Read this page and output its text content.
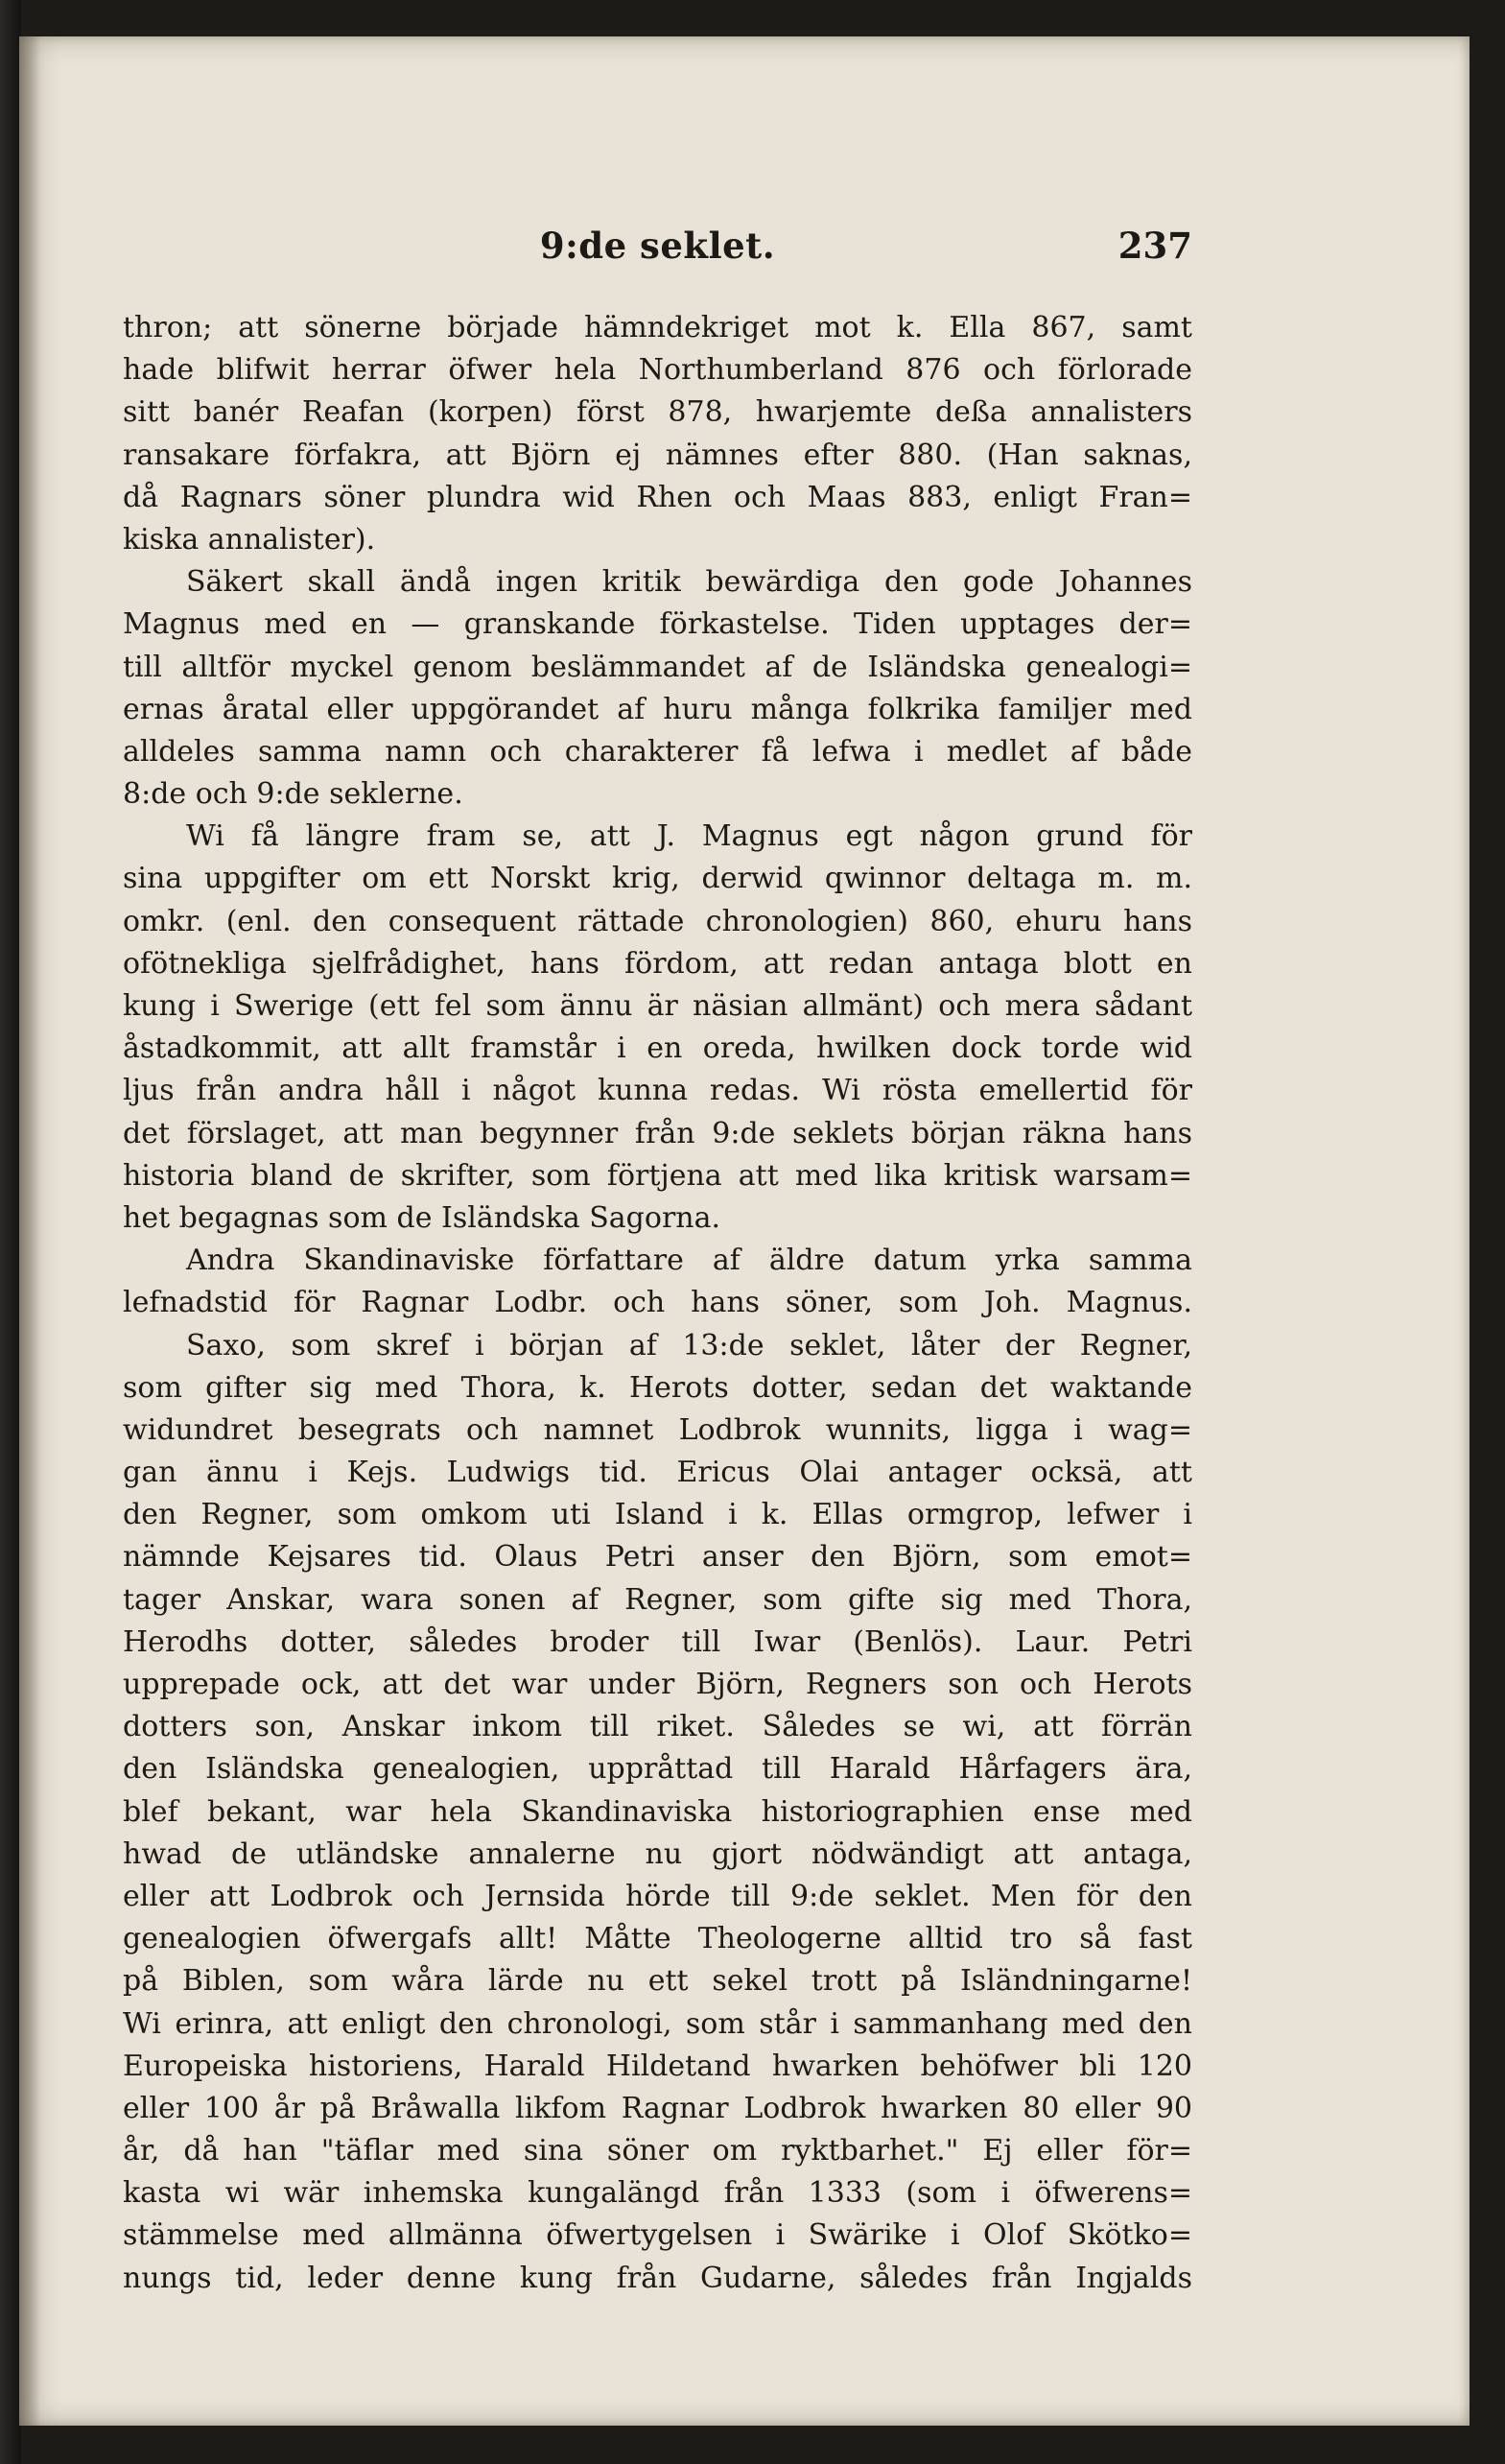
9:de seklet.	237
thron; att sönerne började hämndekriget mot k. Ella 867, samt
hade blifwit herrar öfwer hela Northumberland 876 och förlorade
sitt banér Reafan (korpen) först 878, hwarjemte deßa annalisters
ransakare förfakra, att Björn ej nämnes efter 880. (Han saknas,
då Ragnars söner plundra wid Rhen och Maas 883, enligt Fran=
kiska annalister).
Säkert skall ändå ingen kritik bewärdiga den gode Johannes
Magnus med en — granskande förkastelse. Tiden upptages der=
till alltför myckel genom beslämmandet af de Isländska genealogi=
ernas åratal eller uppgörandet af huru många folkrika familjer med
alldeles samma namn och charakterer få lefwa i medlet af både
8:de och 9:de seklerne.
Wi få längre fram se, att J. Magnus egt någon grund för
sina uppgifter om ett Norskt krig, derwid qwinnor deltaga m. m.
omkr. (enl. den consequent rättade chronologien) 860, ehuru hans
ofötnekliga sjelfrådighet, hans fördom, att redan antaga blott en
kung i Swerige (ett fel som ännu är näsian allmänt) och mera sådant
åstadkommit, att allt framstår i en oreda, hwilken dock torde wid
ljus från andra håll i något kunna redas. Wi rösta emellertid för
det förslaget, att man begynner från 9:de seklets början räkna hans
historia bland de skrifter, som förtjena att med lika kritisk warsam=
het begagnas som de Isländska Sagorna.
Andra Skandinaviske författare af äldre datum yrka samma
lefnadstid för Ragnar Lodbr. och hans söner, som Joh. Magnus.
Saxo, som skref i början af 13:de seklet, låter der Regner,
som gifter sig med Thora, k. Herots dotter, sedan det waktande
widundret besegrats och namnet Lodbrok wunnits, ligga i wag=
gan ännu i Kejs. Ludwigs tid. Ericus Olai antager ocksä, att
den Regner, som omkom uti Island i k. Ellas ormgrop, lefwer i
nämnde Kejsares tid. Olaus Petri anser den Björn, som emot=
tager Anskar, wara sonen af Regner, som gifte sig med Thora,
Herodhs dotter, således broder till Iwar (Benlös). Laur. Petri
upprepade ock, att det war under Björn, Regners son och Herots
dotters son, Anskar inkom till riket. Således se wi, att förrän
den Isländska genealogien, uppråttad till Harald Hårfagers ära,
blef bekant, war hela Skandinaviska historiographien ense med
hwad de utländske annalerne nu gjort nödwändigt att antaga,
eller att Lodbrok och Jernsida hörde till 9:de seklet. Men för den
genealogien öfwergafs allt! Måtte Theologerne alltid tro så fast
på Biblen, som wåra lärde nu ett sekel trott på Isländningarne!
Wi erinra, att enligt den chronologi, som står i sammanhang med den
Europeiska historiens, Harald Hildetand hwarken behöfwer bli 120
eller 100 år på Bråwalla likfom Ragnar Lodbrok hwarken 80 eller 90
år, då han "täflar med sina söner om ryktbarhet." Ej eller för=
kasta wi wär inhemska kungalängd från 1333 (som i öfwerens=
stämmelse med allmänna öfwertygelsen i Swärike i Olof Skötko=
nungs tid, leder denne kung från Gudarne, således från Ingjalds
